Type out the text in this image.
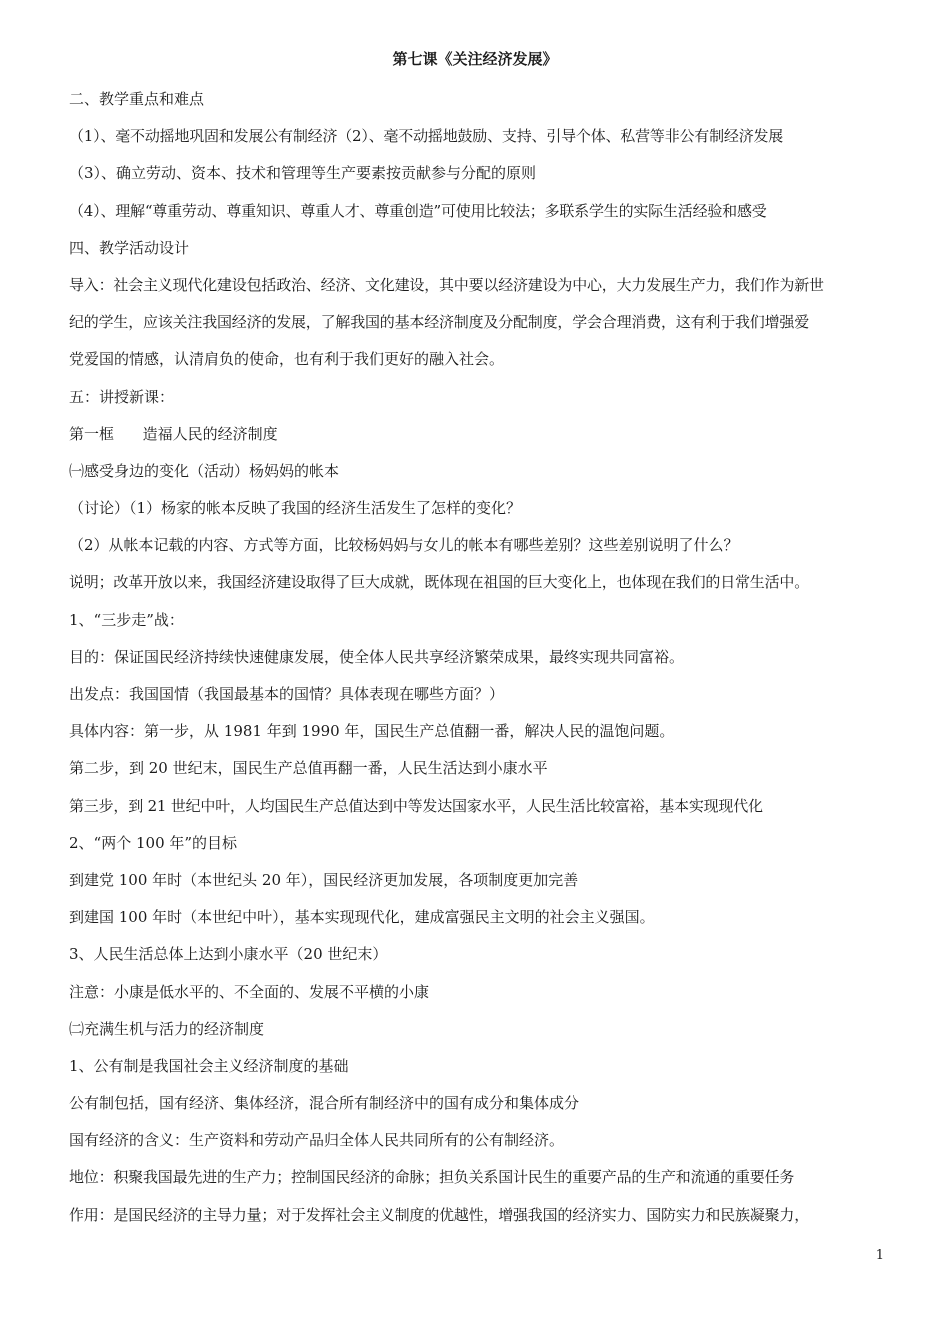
第七课《关注经济发展》
二、教学重点和难点
（1）、毫不动摇地巩固和发展公有制经济（2）、毫不动摇地鼓励、支持、引导个体、私营等非公有制经济发展
（3）、确立劳动、资本、技术和管理等生产要素按贡献参与分配的原则
（4）、理解“尊重劳动、尊重知识、尊重人才、尊重创造”可使用比较法；多联系学生的实际生活经验和感受
四、教学活动设计
导入：社会主义现代化建设包括政治、经济、文化建设，其中要以经济建设为中心，大力发展生产力，我们作为新世
纪的学生，应该关注我国经济的发展，了解我国的基本经济制度及分配制度，学会合理消费，这有利于我们增强爱
党爱国的情感，认清肩负的使命，也有利于我们更好的融入社会。
五：讲授新课：
第一框      造福人民的经济制度
㈠感受身边的变化（活动）杨妈妈的帐本
（讨论）（1）杨家的帐本反映了我国的经济生活发生了怎样的变化？
（2）从帐本记载的内容、方式等方面，比较杨妈妈与女儿的帐本有哪些差别？这些差别说明了什么？
说明；改革开放以来，我国经济建设取得了巨大成就，既体现在祖国的巨大变化上，也体现在我们的日常生活中。
1、“三步走”战：
目的：保证国民经济持续快速健康发展，使全体人民共享经济繁荣成果，最终实现共同富裕。
出发点：我国国情（我国最基本的国情？具体表现在哪些方面？）
具体内容：第一步，从 1981 年到 1990 年，国民生产总值翻一番，解决人民的温饱问题。
第二步，到 20 世纪末，国民生产总值再翻一番，人民生活达到小康水平
第三步，到 21 世纪中叶，人均国民生产总值达到中等发达国家水平，人民生活比较富裕，基本实现现代化
2、“两个 100 年”的目标
到建党 100 年时（本世纪头 20 年），国民经济更加发展，各项制度更加完善
到建国 100 年时（本世纪中叶），基本实现现代化，建成富强民主文明的社会主义强国。
3、人民生活总体上达到小康水平（20 世纪末）
注意：小康是低水平的、不全面的、发展不平横的小康
㈡充满生机与活力的经济制度
1、公有制是我国社会主义经济制度的基础
公有制包括，国有经济、集体经济，混合所有制经济中的国有成分和集体成分
国有经济的含义：生产资料和劳动产品归全体人民共同所有的公有制经济。
地位：积聚我国最先进的生产力；控制国民经济的命脉；担负关系国计民生的重要产品的生产和流通的重要任务
作用：是国民经济的主导力量；对于发挥社会主义制度的优越性，增强我国的经济实力、国防实力和民族凝聚力，
1
